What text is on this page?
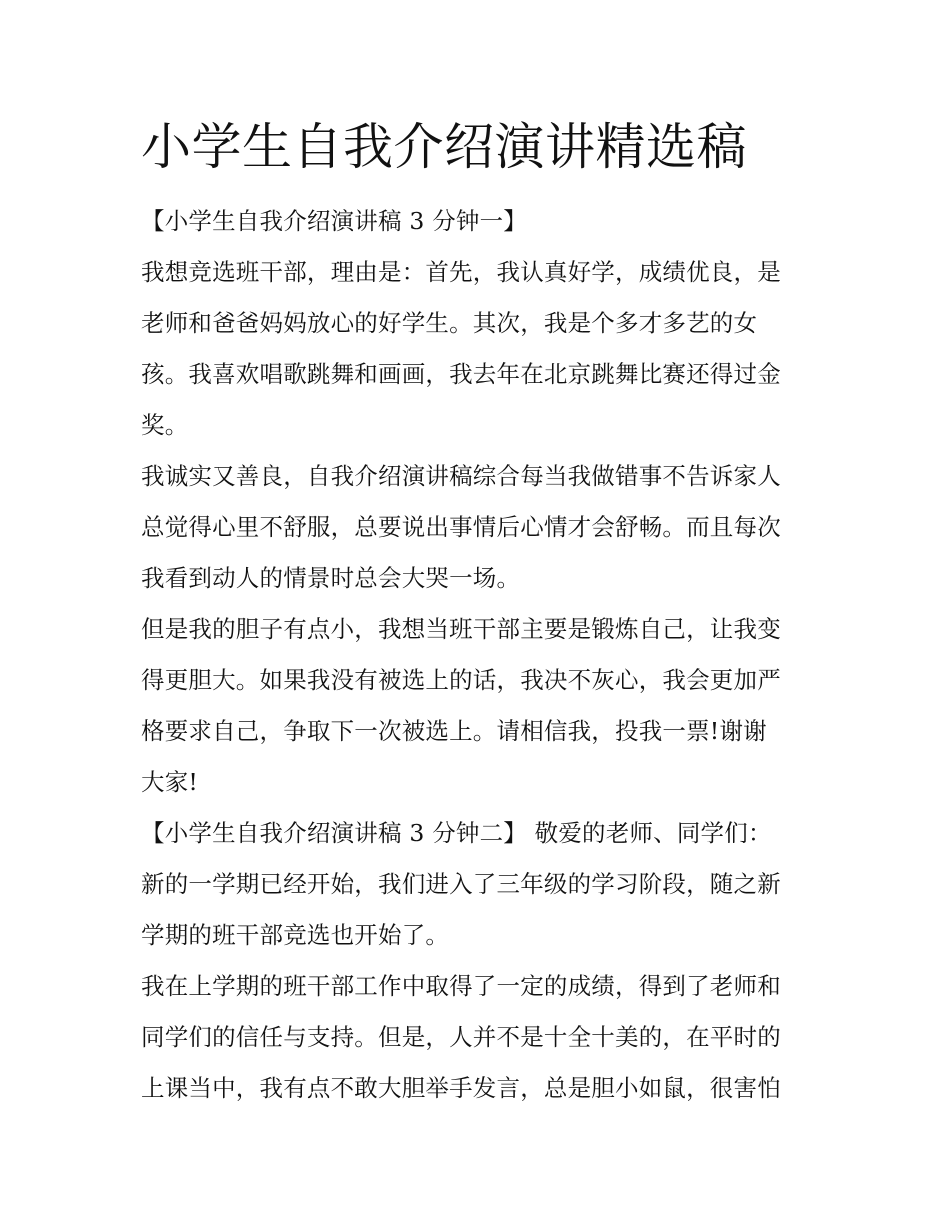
小学生自我介绍演讲精选稿
【小学生自我介绍演讲稿 3 分钟一】
我想竞选班干部，理由是：首先，我认真好学，成绩优良，是
老师和爸爸妈妈放心的好学生。其次，我是个多才多艺的女
孩。我喜欢唱歌跳舞和画画，我去年在北京跳舞比赛还得过金
奖。
我诚实又善良，自我介绍演讲稿综合每当我做错事不告诉家人
总觉得心里不舒服，总要说出事情后心情才会舒畅。而且每次
我看到动人的情景时总会大哭一场。
但是我的胆子有点小，我想当班干部主要是锻炼自己，让我变
得更胆大。如果我没有被选上的话，我决不灰心，我会更加严
格要求自己，争取下一次被选上。请相信我，投我一票!谢谢
大家!
【小学生自我介绍演讲稿 3 分钟二】 敬爱的老师、同学们：
新的一学期已经开始，我们进入了三年级的学习阶段，随之新
学期的班干部竞选也开始了。
我在上学期的班干部工作中取得了一定的成绩，得到了老师和
同学们的信任与支持。但是，人并不是十全十美的，在平时的
上课当中，我有点不敢大胆举手发言，总是胆小如鼠，很害怕
